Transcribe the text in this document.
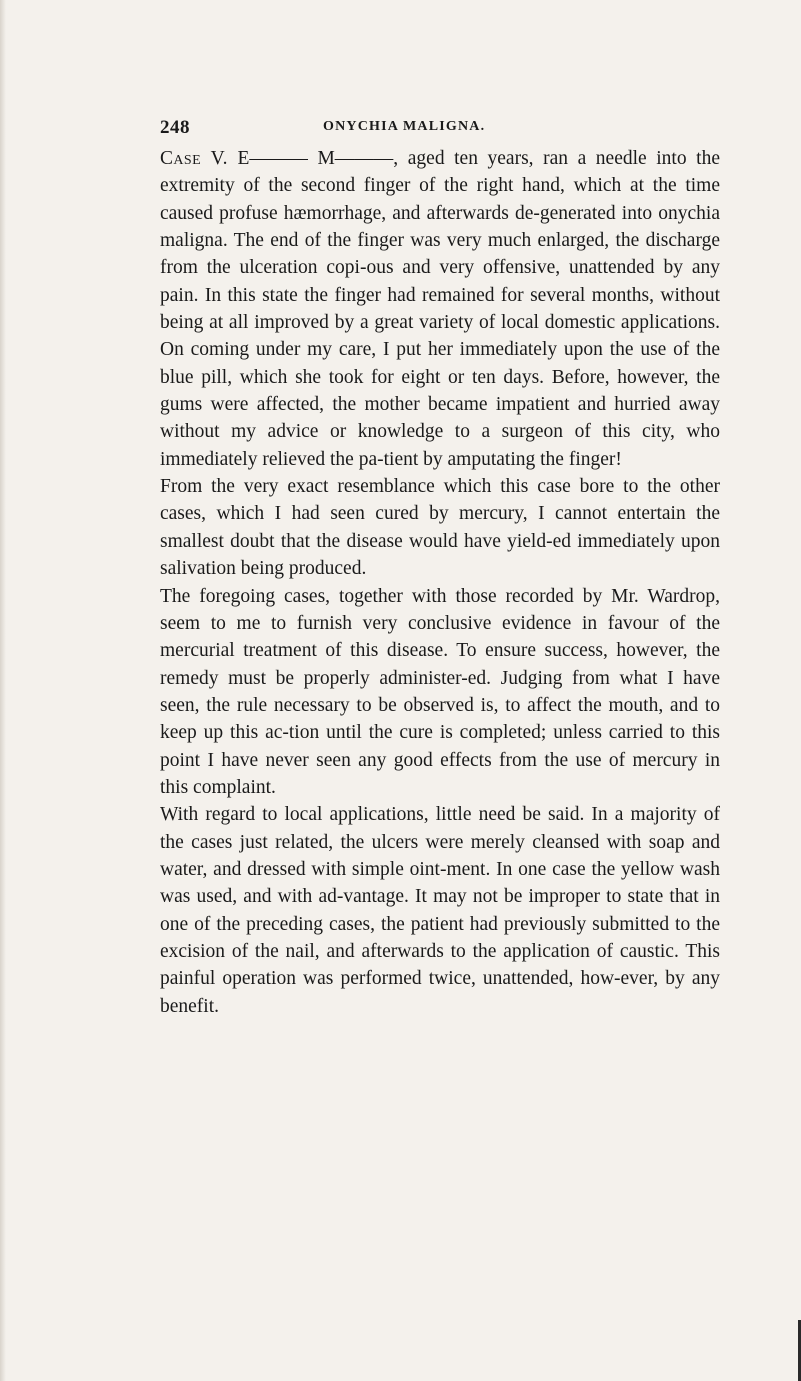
248	ONYCHIA MALIGNA.

Case V. E——— M———, aged ten years, ran a needle into the extremity of the second finger of the right hand, which at the time caused profuse hæmorrhage, and afterwards de-generated into onychia maligna. The end of the finger was very much enlarged, the discharge from the ulceration copi-ous and very offensive, unattended by any pain. In this state the finger had remained for several months, without being at all improved by a great variety of local domestic applications. On coming under my care, I put her immediately upon the use of the blue pill, which she took for eight or ten days. Before, however, the gums were affected, the mother became impatient and hurried away without my advice or knowledge to a surgeon of this city, who immediately relieved the pa-tient by amputating the finger!

From the very exact resemblance which this case bore to the other cases, which I had seen cured by mercury, I cannot entertain the smallest doubt that the disease would have yield-ed immediately upon salivation being produced.

The foregoing cases, together with those recorded by Mr. Wardrop, seem to me to furnish very conclusive evidence in favour of the mercurial treatment of this disease. To ensure success, however, the remedy must be properly administer-ed. Judging from what I have seen, the rule necessary to be observed is, to affect the mouth, and to keep up this ac-tion until the cure is completed; unless carried to this point I have never seen any good effects from the use of mercury in this complaint.

With regard to local applications, little need be said. In a majority of the cases just related, the ulcers were merely cleansed with soap and water, and dressed with simple oint-ment. In one case the yellow wash was used, and with ad-vantage. It may not be improper to state that in one of the preceding cases, the patient had previously submitted to the excision of the nail, and afterwards to the application of caustic. This painful operation was performed twice, unattended, how-ever, by any benefit.
